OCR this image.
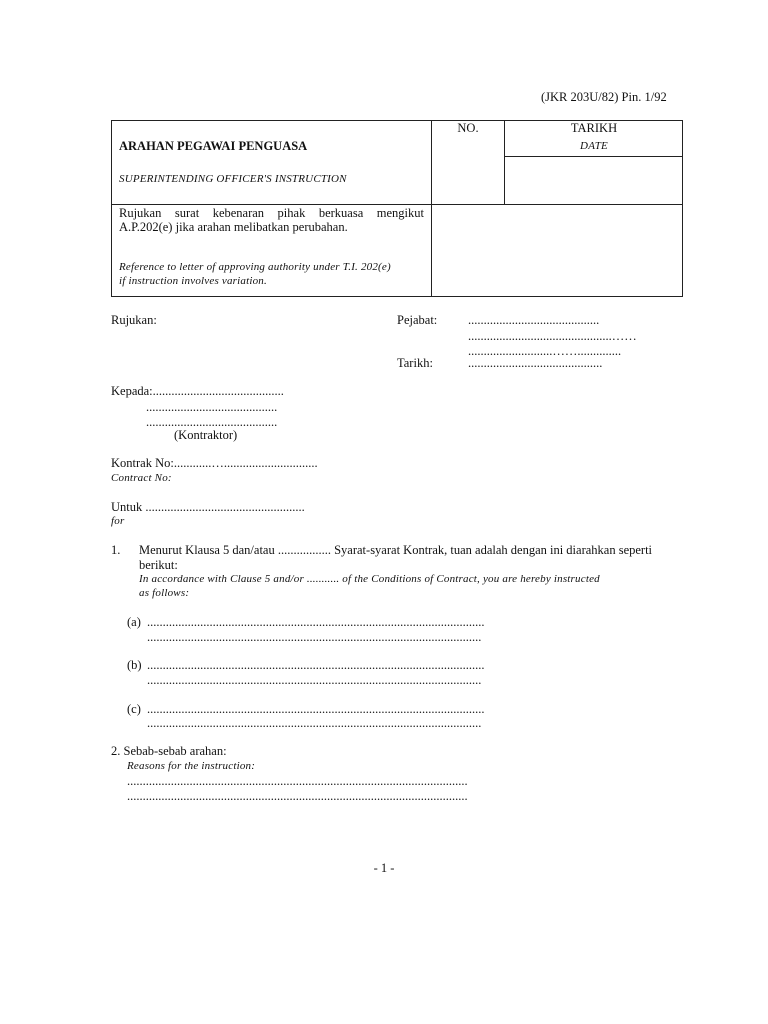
(JKR 203U/82) Pin. 1/92
ARAHAN PEGAWAI PENGUASA
SUPERINTENDING OFFICER'S INSTRUCTION
NO.	TARIKH
DATE
Rujukan surat kebenaran pihak berkuasa mengikut
A.P.202(e) jika arahan melibatkan perubahan.
Reference to letter of approving authority under T.I. 202(e)
if instruction involves variation.
Rujukan:	Pejabat: ..........................................
..............................................……
...........................……..............
Tarikh:	...........................................
Kepada:..........................................
..........................................
..........................................
(Kontraktor)
Kontrak No:............…..............................
Contract No:
Untuk ...................................................
for
1. Menurut Klausa 5 dan/atau ................. Syarat-syarat Kontrak, tuan adalah dengan ini diarahkan seperti
berikut:
In accordance with Clause 5 and/or ........... of the Conditions of Contract, you are hereby instructed
as follows:
(a) ............................................................................................................
...........................................................................................................
(b) ............................................................................................................
...........................................................................................................
(c) ............................................................................................................
...........................................................................................................
2. Sebab-sebab arahan:
Reasons for the instruction:
.............................................................................................................
.............................................................................................................
- 1 -
